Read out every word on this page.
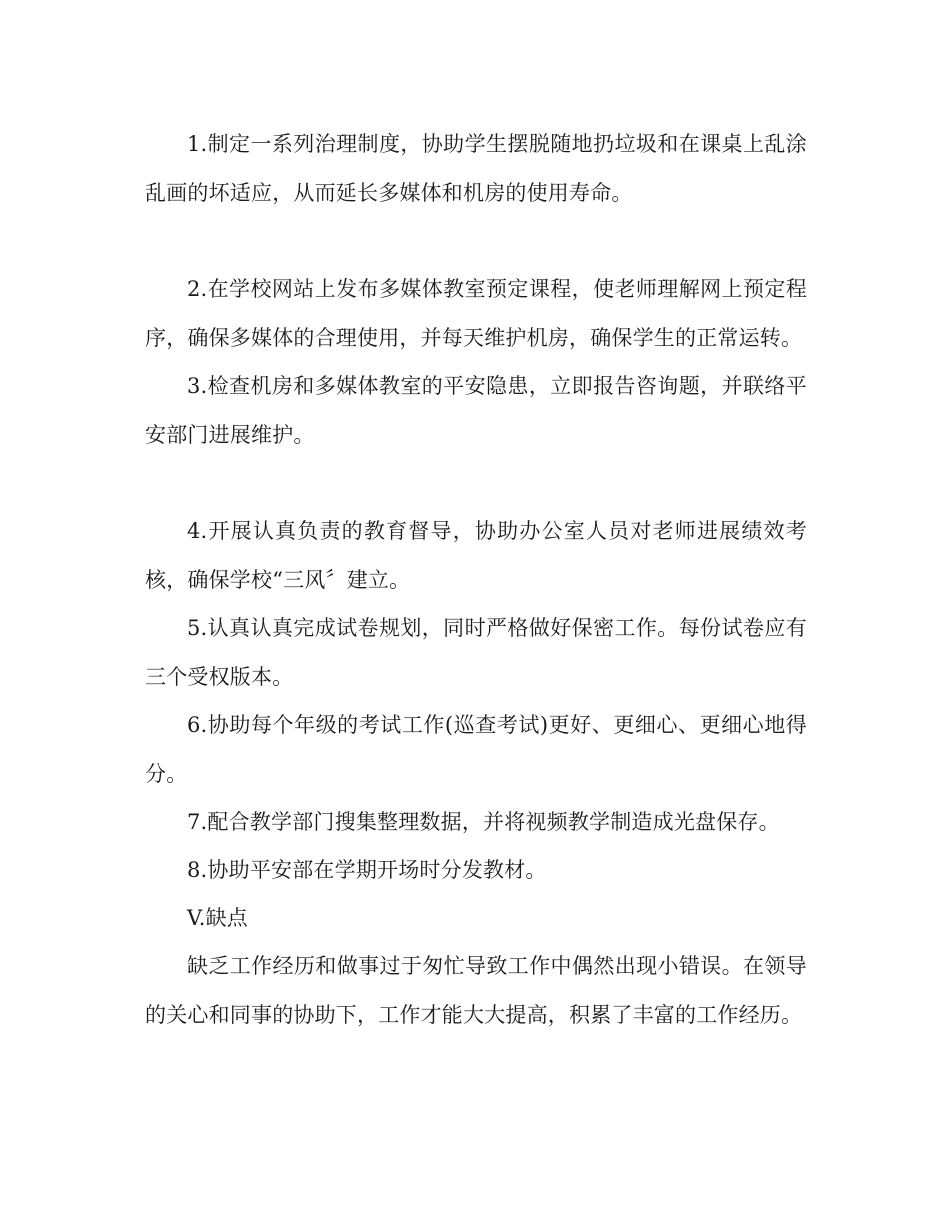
1.制定一系列治理制度，协助学生摆脱随地扔垃圾和在课桌上乱涂乱画的坏适应，从而延长多媒体和机房的使用寿命。

2.在学校网站上发布多媒体教室预定课程，使老师理解网上预定程序，确保多媒体的合理使用，并每天维护机房，确保学生的正常运转。

3.检查机房和多媒体教室的平安隐患，立即报告咨询题，并联络平安部门进展维护。

4.开展认真负责的教育督导，协助办公室人员对老师进展绩效考核，确保学校“三风〞建立。

5.认真认真完成试卷规划，同时严格做好保密工作。每份试卷应有三个受权版本。

6.协助每个年级的考试工作(巡查考试)更好、更细心、更细心地得分。

7.配合教学部门搜集整理数据，并将视频教学制造成光盘保存。

8.协助平安部在学期开场时分发教材。

V.缺点

缺乏工作经历和做事过于匆忙导致工作中偶然出现小错误。在领导的关心和同事的协助下，工作才能大大提高，积累了丰富的工作经历。
